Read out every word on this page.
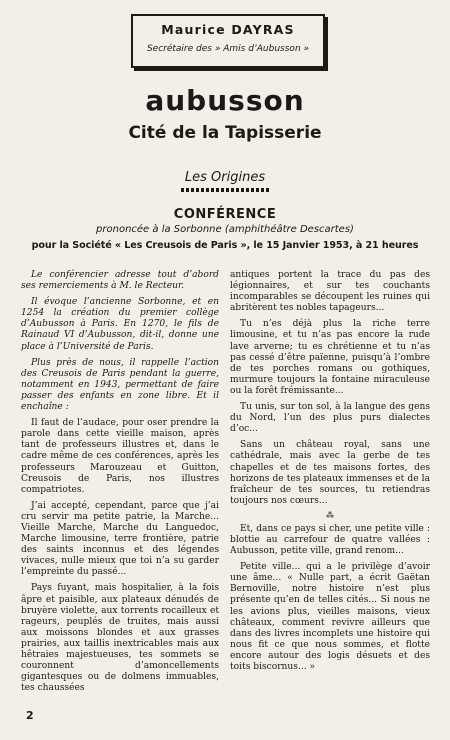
Maurice DAYRAS
Secrétaire des » Amis d’Aubusson »
aubusson
Cité de la Tapisserie
Les Origines
CONFÉRENCE
prononcée à la Sorbonne (amphithéâtre Descartes)
pour la Société « Les Creusois de Paris », le 15 Janvier 1953, à 21 heures

Le conférencier adresse tout d’abord ses remerciements à M. le Recteur.

Il évoque l’ancienne Sorbonne, et en 1254 la création du premier collège d’Aubusson à Paris. En 1270, le fils de Rainaud VI d’Aubusson, dit-il, donne une place à l’Université de Paris.

Plus près de nous, il rappelle l’action des Creusois de Paris pendant la guerre, notamment en 1943, permettant de faire passer des enfants en zone libre. Et il enchaîne :

Il faut de l’audace, pour oser prendre la parole dans cette vieille maison, après tant de professeurs illustres et, dans le cadre même de ces conférences, après les professeurs Marouzeau et Guitton, Creusois de Paris, nos illustres compatriotes.

J’ai accepté, cependant, parce que j’ai cru servir ma petite patrie, la Marche... Vieille Marche, Marche du Languedoc, Marche limousine, terre frontière, patrie des saints inconnus et des légendes vivaces, nulle mieux que toi n’a su garder l’empreinte du passé...

Pays fuyant, mais hospitalier, à la fois âpre et paisible, aux plateaux dénudés de bruyère violette, aux torrents rocailleux et rageurs, peuplés de truites, mais aussi aux moissons blondes et aux grasses prairies, aux taillis inextricables mais aux hêtraies majestueuses, tes sommets se couronnent d’amoncellements gigantesques ou de dolmens immuables, tes chaussées

antiques portent la trace du pas des légionnaires, et sur tes couchants incomparables se découpent les ruines qui abritèrent tes nobles tapageurs...

Tu n’es déjà plus la riche terre limousine, et tu n’as pas encore la rude lave arverne; tu es chrétienne et tu n’as pas cessé d’être païenne, puisqu’à l’ombre de tes porches romans ou gothiques, murmure toujours la fontaine miraculeuse ou la forêt frémissante...

Tu unis, sur ton sol, à la langue des gens du Nord, l’un des plus purs dialectes d’oc...

Sans un château royal, sans une cathédrale, mais avec la gerbe de tes chapelles et de tes maisons fortes, des horizons de tes plateaux immenses et de la fraîcheur de tes sources, tu retiendras toujours nos cœurs...

⁂

Et, dans ce pays si cher, une petite ville : blottie au carrefour de quatre vallées : Aubusson, petite ville, grand renom...

Petite ville... qui a le privilège d’avoir une âme... « Nulle part, a écrit Gaëtan Bernoville, notre histoire n’est plus présente qu’en de telles cités... Si nous ne les avions plus, vieilles maisons, vieux châteaux, comment revivre ailleurs que dans des livres incomplets une histoire qui nous fit ce que nous sommes, et flotte encore autour des logis désuets et des toits biscornus... »

2
